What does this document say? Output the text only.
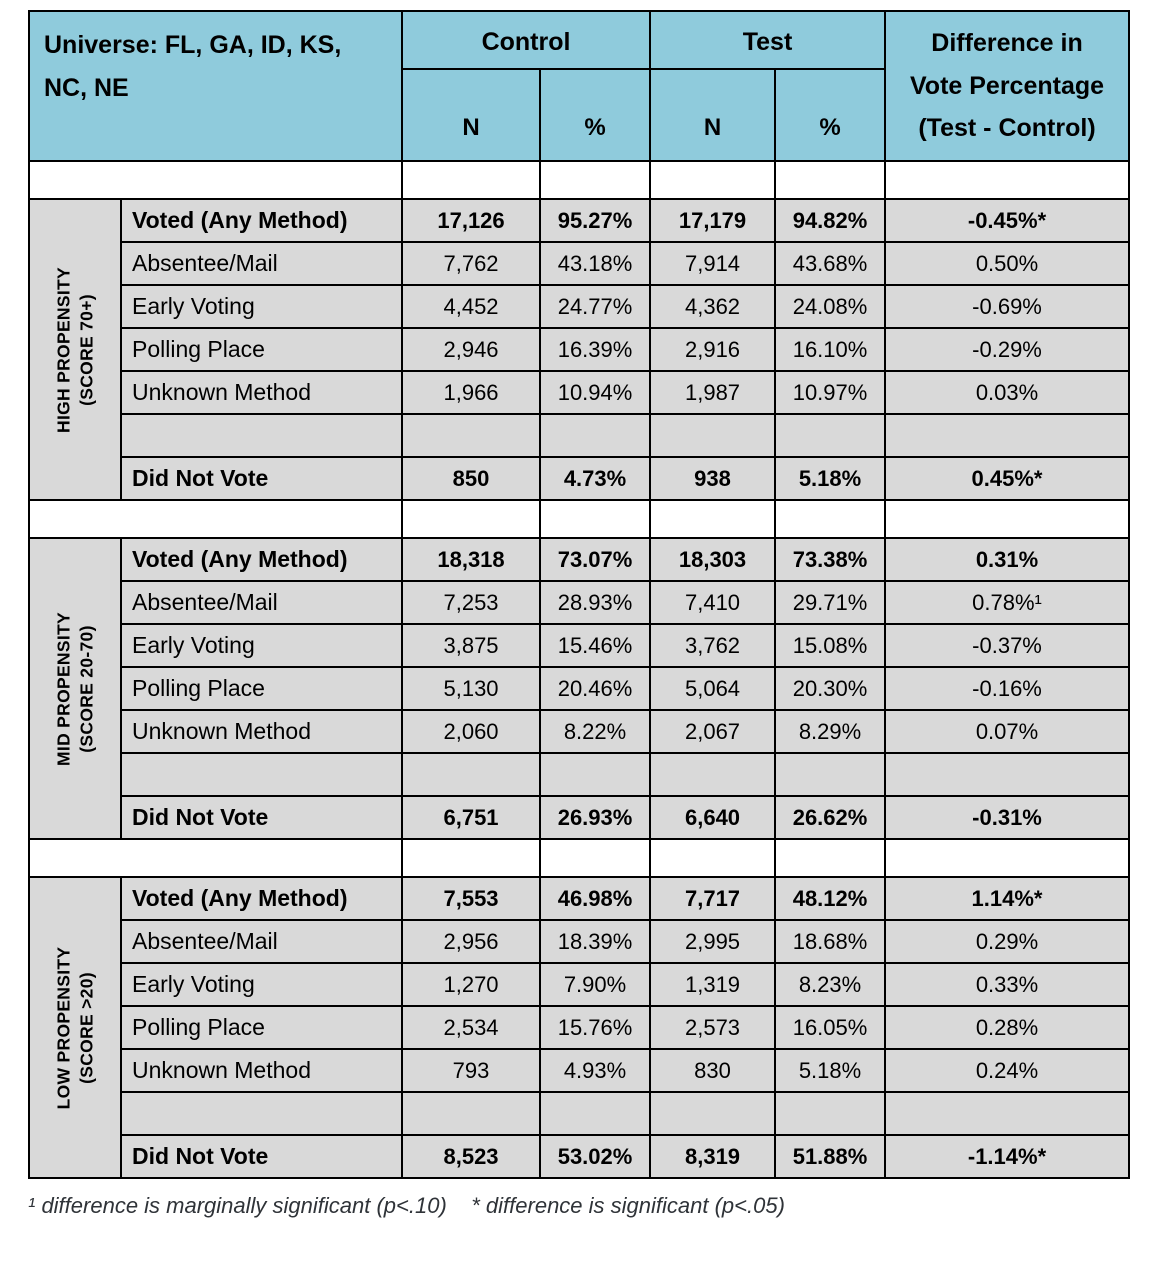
Universe: FL, GA, ID, KS, NC, NE		Control		Test		Difference in
Vote Percentage
(Test - Control)

		N	%	N	%	

HIGH PROPENSITY (SCORE 70+)	Voted (Any Method)	17,126	95.27%	17,179	94.82%	-0.45%*
	Absentee/Mail	7,762	43.18%	7,914	43.68%	0.50%
	Early Voting	4,452	24.77%	4,362	24.08%	-0.69%
	Polling Place	2,946	16.39%	2,916	16.10%	-0.29%
	Unknown Method	1,966	10.94%	1,987	10.97%	0.03%

	Did Not Vote	850	4.73%	938	5.18%	0.45%*

MID PROPENSITY (SCORE 20-70)	Voted (Any Method)	18,318	73.07%	18,303	73.38%	0.31%
	Absentee/Mail	7,253	28.93%	7,410	29.71%	0.78%¹
	Early Voting	3,875	15.46%	3,762	15.08%	-0.37%
	Polling Place	5,130	20.46%	5,064	20.30%	-0.16%
	Unknown Method	2,060	8.22%	2,067	8.29%	0.07%

	Did Not Vote	6,751	26.93%	6,640	26.62%	-0.31%

LOW PROPENSITY (SCORE >20)	Voted (Any Method)	7,553	46.98%	7,717	48.12%	1.14%*
	Absentee/Mail	2,956	18.39%	2,995	18.68%	0.29%
	Early Voting	1,270	7.90%	1,319	8.23%	0.33%
	Polling Place	2,534	15.76%	2,573	16.05%	0.28%
	Unknown Method	793	4.93%	830	5.18%	0.24%

	Did Not Vote	8,523	53.02%	8,319	51.88%	-1.14%*
¹ difference is marginally significant (p<.10)    * difference is significant (p<.05)
